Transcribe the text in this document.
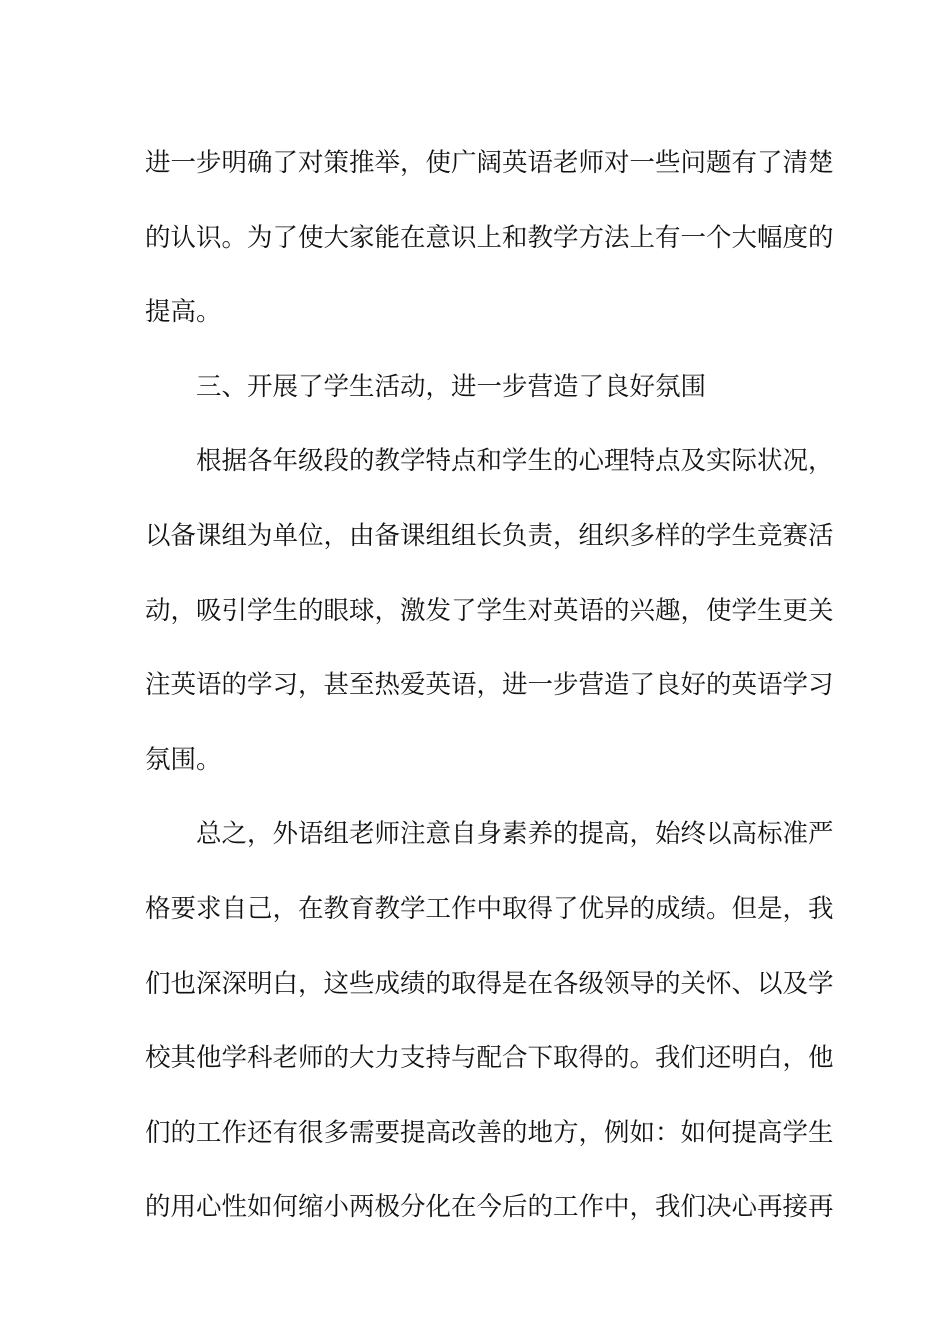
进一步明确了对策推举，使广阔英语老师对一些问题有了清楚
的认识。为了使大家能在意识上和教学方法上有一个大幅度的
提高。
三、开展了学生活动，进一步营造了良好氛围
根据各年级段的教学特点和学生的心理特点及实际状况，
以备课组为单位，由备课组组长负责，组织多样的学生竞赛活
动，吸引学生的眼球，激发了学生对英语的兴趣，使学生更关
注英语的学习，甚至热爱英语，进一步营造了良好的英语学习
氛围。
总之，外语组老师注意自身素养的提高，始终以高标准严
格要求自己，在教育教学工作中取得了优异的成绩。但是，我
们也深深明白，这些成绩的取得是在各级领导的关怀、以及学
校其他学科老师的大力支持与配合下取得的。我们还明白，他
们的工作还有很多需要提高改善的地方，例如：如何提高学生
的用心性如何缩小两极分化在今后的工作中，我们决心再接再
